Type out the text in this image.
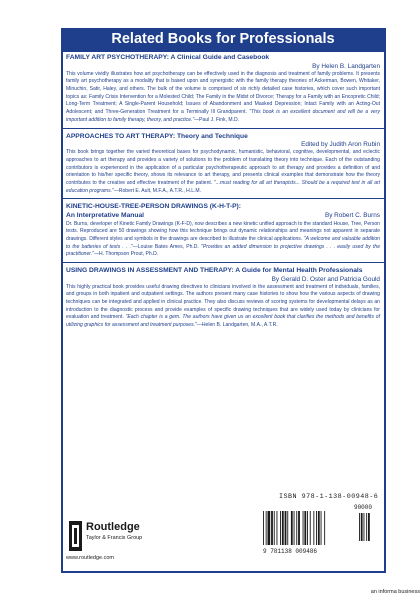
Related Books for Professionals

FAMILY ART PSYCHOTHERAPY: A Clinical Guide and Casebook

By Helen B. Landgarten

This volume vividly illustrates how art psychotherapy can be effectively used in the diagnosis and treatment of family problems. It presents family art psychotherapy as a modality that is based upon and synergistic with the family therapy theories of Ackerman, Bowen, Whitaker, Minuchin, Satir, Haley, and others. The bulk of the volume is comprised of six richly detailed case histories, which cover such important topics as: Family Crisis Intervention for a Molested Child; The Family in the Midst of Divorce; Therapy for a Family with an Encopretic Child; Long-Term Treatment; A Single-Parent Household; Issues of Abandonment and Masked Depression; Intact Family with an Acting-Out Adolescent; and Three-Generation Treatment for a Terminally Ill Grandparent. "This book is an excellent document and will be a very important addition to family therapy, theory, and practice."—Paul J. Fink, M.D.

APPROACHES TO ART THERAPY: Theory and Technique

Edited by Judith Aron Rubin

This book brings together the varied theoretical bases for psychodynamic, humanistic, behavioral, cognitive, developmental, and eclectic approaches to art therapy and provides a variety of solutions to the problem of translating theory into technique. Each of the outstanding contributors is experienced in the application of a particular psychotherapeutic approach to art therapy and provides a definition of and orientation to his/her specific theory, shows its relevance to art therapy, and presents clinical examples that demonstrate how the theory contributes to the creative and effective treatment of the patient. "...must reading for all art therapists... Should be a required text in all art education programs."—Robert E. Ault, M.F.A., A.T.R., H.L.M.

KINETIC-HOUSE-TREE-PERSON DRAWINGS (K-H-T-P):

An Interpretative Manual	By Robert C. Burns

Dr. Burns, developer of Kinetic Family Drawings (K-F-D), now describes a new kinetic unified approach to the standard House, Tree, Person tests. Reproduced are 50 drawings showing how this technique brings out dynamic relationships and meanings not apparent in separate drawings. Different styles and symbols in the drawings are described to illustrate the clinical applications. "A welcome and valuable addition to the batteries of tests . . ."—Louise Bates Ames, Ph.D. "Provides an added dimension to projective drawings . . . easily used by the practitioner."—H. Thompson Prout, Ph.D.

USING DRAWINGS IN ASSESSMENT AND THERAPY: A Guide for Mental Health Professionals

By Gerald D. Oster and Patricia Gould

This highly practical book provides useful drawing directives to clinicians involved in the assessment and treatment of individuals, families, and groups in both inpatient and outpatient settings. The authors present many case histories to show how the various aspects of drawing techniques can be integrated and applied in clinical practice. They also discuss reviews of scoring systems for developmental delays as an introduction to the diagnostic process and provide examples of specific drawing techniques that are widely used today by clinicians for evaluation and treatment. "Each chapter is a gem. The authors have given us an excellent book that clarifies the methods and benefits of utilizing graphics for assessment and treatment purposes."—Helen B. Landgarten, M.A., A.T.R.

Routledge
Taylor & Francis Group
www.routledge.com
ISBN 978-1-138-00948-6
90000
9 781138 009486
an informa business
